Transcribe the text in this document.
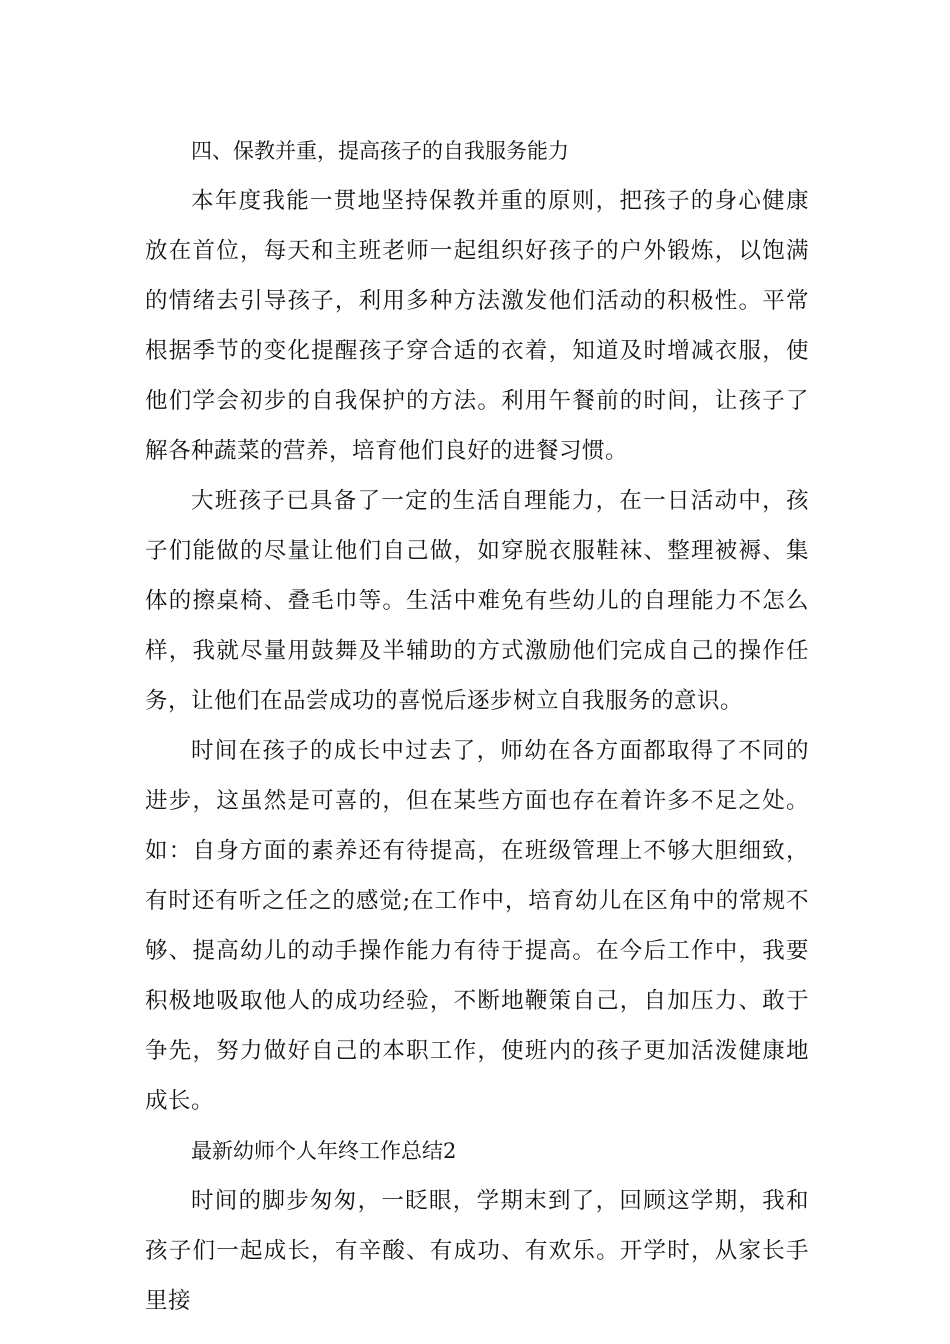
四、保教并重，提高孩子的自我服务能力

本年度我能一贯地坚持保教并重的原则，把孩子的身心健康放在首位，每天和主班老师一起组织好孩子的户外锻炼，以饱满的情绪去引导孩子，利用多种方法激发他们活动的积极性。平常根据季节的变化提醒孩子穿合适的衣着，知道及时增减衣服，使他们学会初步的自我保护的方法。利用午餐前的时间，让孩子了解各种蔬菜的营养，培育他们良好的进餐习惯。

大班孩子已具备了一定的生活自理能力，在一日活动中，孩子们能做的尽量让他们自己做，如穿脱衣服鞋袜、整理被褥、集体的擦桌椅、叠毛巾等。生活中难免有些幼儿的自理能力不怎么样，我就尽量用鼓舞及半辅助的方式激励他们完成自己的操作任务，让他们在品尝成功的喜悦后逐步树立自我服务的意识。

时间在孩子的成长中过去了，师幼在各方面都取得了不同的进步，这虽然是可喜的，但在某些方面也存在着许多不足之处。如：自身方面的素养还有待提高，在班级管理上不够大胆细致，有时还有听之任之的感觉;在工作中，培育幼儿在区角中的常规不够、提高幼儿的动手操作能力有待于提高。在今后工作中，我要积极地吸取他人的成功经验，不断地鞭策自己，自加压力、敢于争先，努力做好自己的本职工作，使班内的孩子更加活泼健康地成长。

最新幼师个人年终工作总结2

时间的脚步匆匆，一眨眼，学期末到了，回顾这学期，我和孩子们一起成长，有辛酸、有成功、有欢乐。开学时，从家长手里接
